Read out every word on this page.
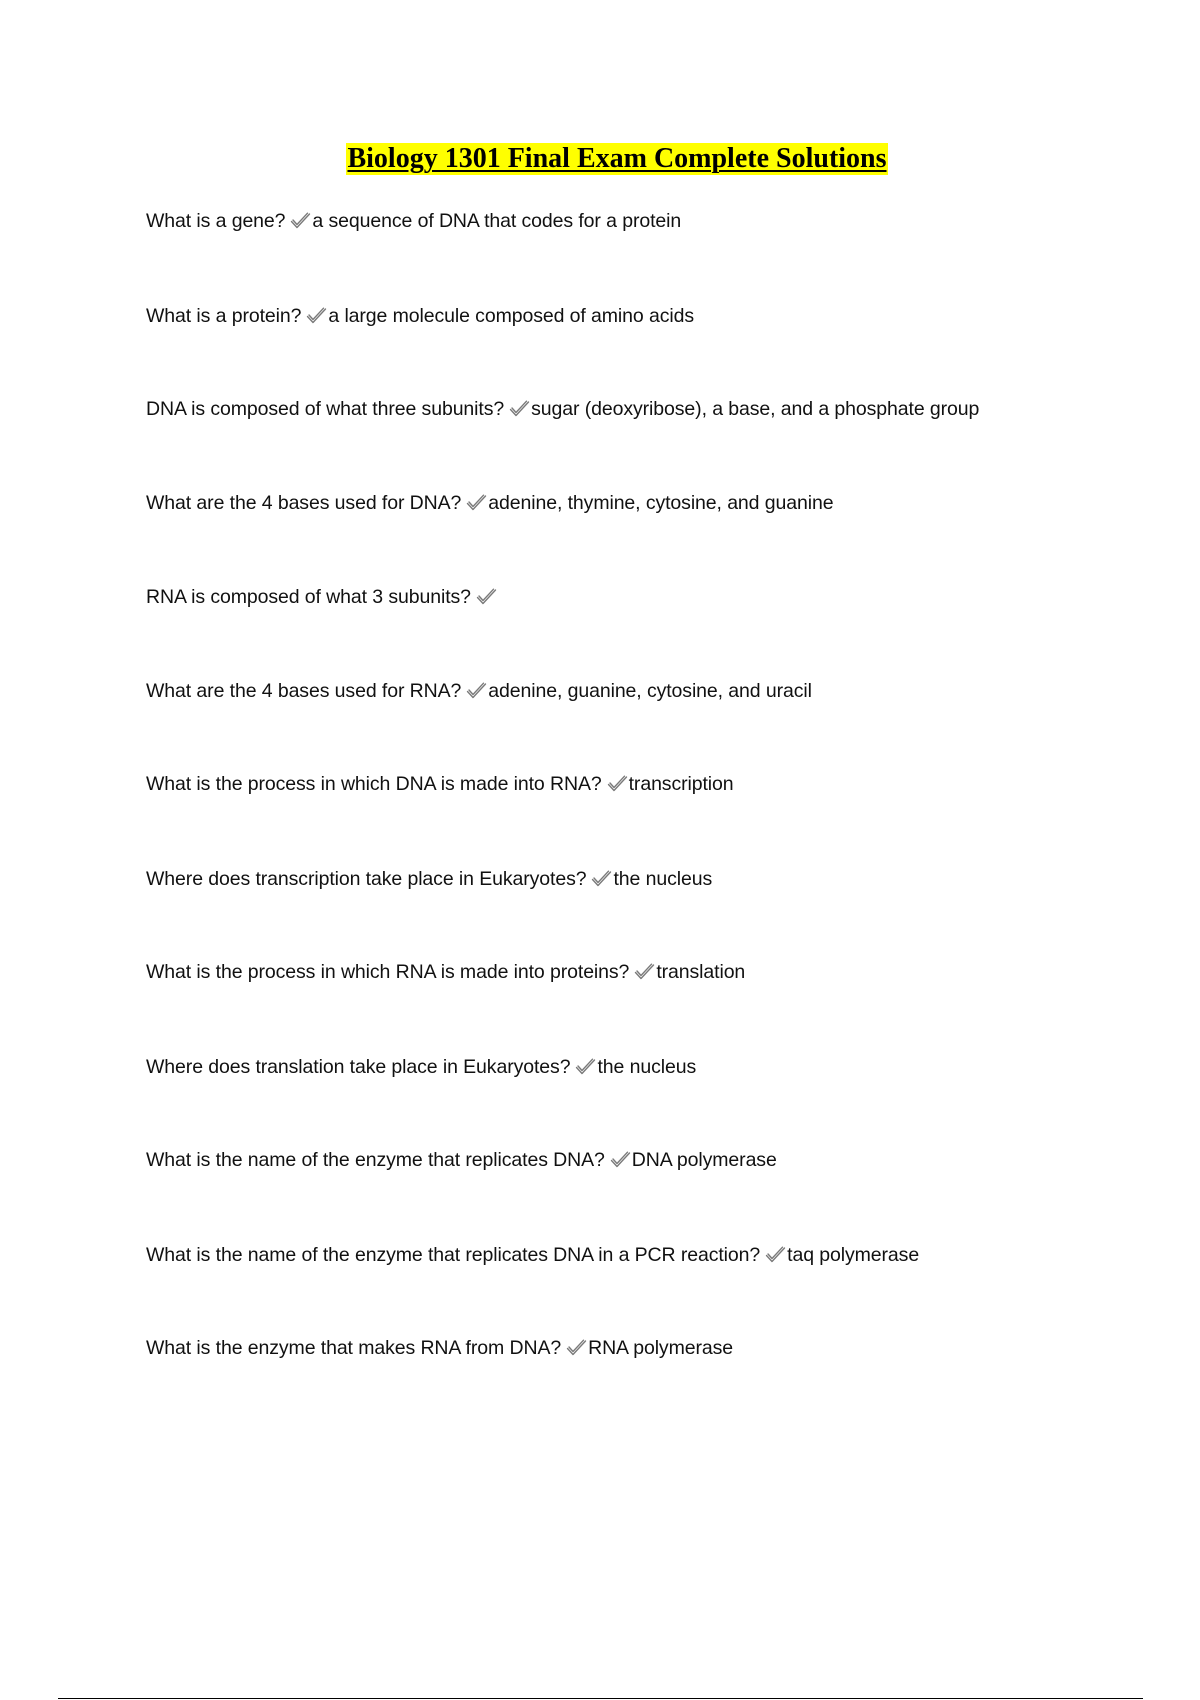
Biology 1301 Final Exam Complete Solutions
What is a gene? a sequence of DNA that codes for a protein
What is a protein? a large molecule composed of amino acids
DNA is composed of what three subunits? sugar (deoxyribose), a base, and a phosphate group
What are the 4 bases used for DNA? adenine, thymine, cytosine, and guanine
RNA is composed of what 3 subunits?
What are the 4 bases used for RNA? adenine, guanine, cytosine, and uracil
What is the process in which DNA is made into RNA? transcription
Where does transcription take place in Eukaryotes? the nucleus
What is the process in which RNA is made into proteins? translation
Where does translation take place in Eukaryotes? the nucleus
What is the name of the enzyme that replicates DNA? DNA polymerase
What is the name of the enzyme that replicates DNA in a PCR reaction? taq polymerase
What is the enzyme that makes RNA from DNA? RNA polymerase
